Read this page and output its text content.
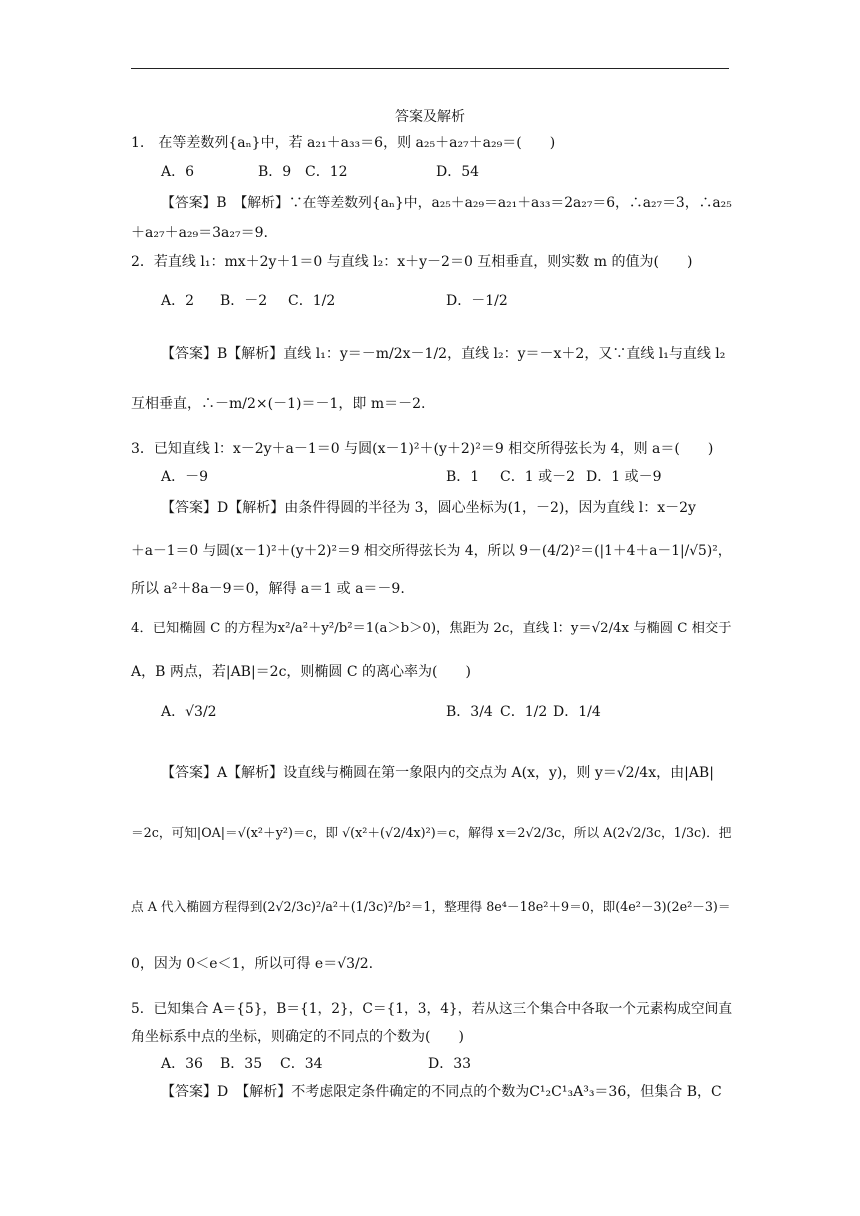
答案及解析
1.　在等差数列{aₙ}中，若 a₂₁＋a₃₃＝6，则 a₂₅＋a₂₇＋a₂₉＝(　　)
A．6	B．9 C．12	D．54
【答案】B　【解析】∵在等差数列{aₙ}中，a₂₅＋a₂₉＝a₂₁＋a₃₃＝2a₂₇＝6，∴a₂₇＝3，∴a₂₅
＋a₂₇＋a₂₉＝3a₂₇＝9.
2．若直线 l₁：mx＋2y＋1＝0 与直线 l₂：x＋y－2＝0 互相垂直，则实数 m 的值为(　　)
A．2 B．－2 C．1/2	D．－1/2
【答案】B【解析】直线 l₁：y＝－m/2x－1/2，直线 l₂：y＝－x＋2，又∵直线 l₁与直线 l₂
互相垂直，∴－m/2×(－1)＝－1，即 m＝－2.
3．已知直线 l：x－2y＋a－1＝0 与圆(x－1)²＋(y＋2)²＝9 相交所得弦长为 4，则 a＝(　　)
A．－9	B．1 C．1 或－2 D．1 或－9
【答案】D【解析】由条件得圆的半径为 3，圆心坐标为(1，－2)，因为直线 l：x－2y
＋a－1＝0 与圆(x－1)²＋(y＋2)²＝9 相交所得弦长为 4，所以 9－(4/2)²＝(|1＋4＋a－1|/√5)²，
所以 a²＋8a－9＝0，解得 a＝1 或 a＝－9.
4．已知椭圆 C 的方程为x²/a²＋y²/b²＝1(a＞b＞0)，焦距为 2c，直线 l：y＝√2/4x 与椭圆 C 相交于
A，B 两点，若|AB|＝2c，则椭圆 C 的离心率为(　　)
A．√3/2	B．3/4 C．1/2 D．1/4
【答案】A【解析】设直线与椭圆在第一象限内的交点为 A(x，y)，则 y＝√2/4x，由|AB|
＝2c，可知|OA|＝√(x²＋y²)＝c，即 √(x²＋(√2/4x)²)＝c，解得 x＝2√2/3c，所以 A(2√2/3c，1/3c)．把
点 A 代入椭圆方程得到(2√2/3c)²/a²＋(1/3c)²/b²＝1，整理得 8e⁴－18e²＋9＝0，即(4e²－3)(2e²－3)＝
0，因为 0＜e＜1，所以可得 e＝√3/2.
5．已知集合 A＝{5}，B＝{1，2}，C＝{1，3，4}，若从这三个集合中各取一个元素构成空间直
角坐标系中点的坐标，则确定的不同点的个数为(　　)
A．36 B．35 C．34	D．33
【答案】D　【解析】不考虑限定条件确定的不同点的个数为C¹₂C¹₃A³₃＝36，但集合 B，C
